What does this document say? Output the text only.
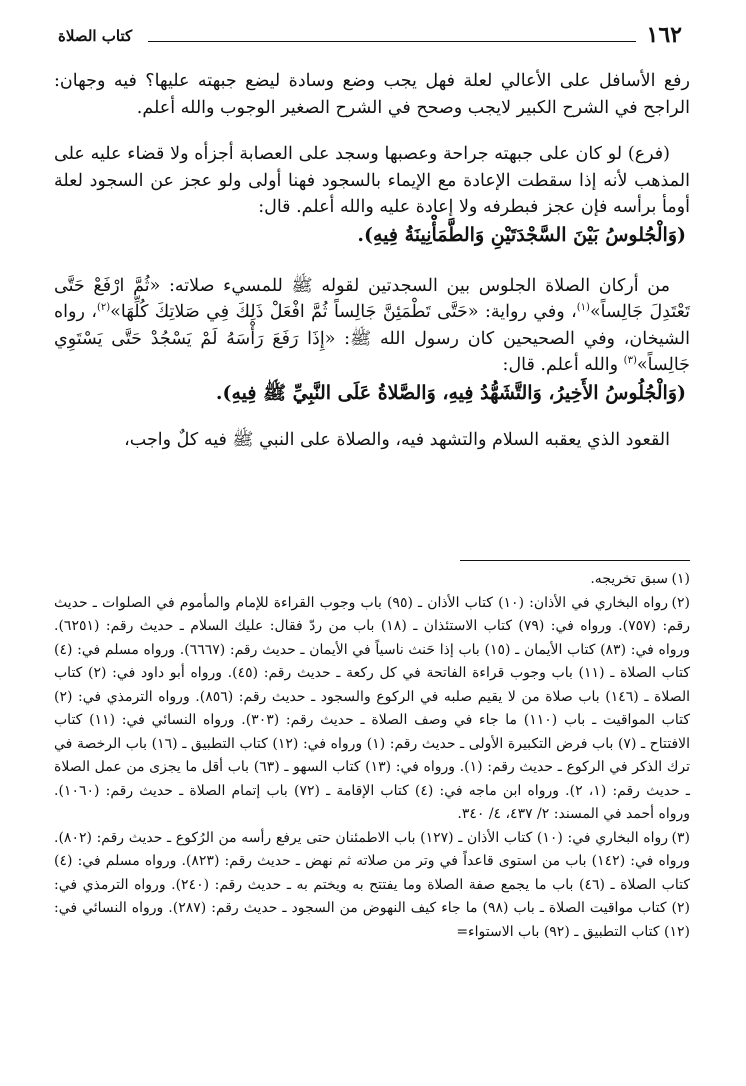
١٦٢
كتاب الصلاة

رفع الأسافل على الأعالي لعلة فهل يجب وضع وسادة ليضع جبهته عليها؟ فيه وجهان: الراجح في الشرح الكبير لايجب وصحح في الشرح الصغير الوجوب والله أعلم.

(فرع) لو كان على جبهته جراحة وعصبها وسجد على العصابة أجزأه ولا قضاء عليه على المذهب لأنه إذا سقطت الإعادة مع الإيماء بالسجود فهنا أولى ولو عجز عن السجود لعلة أومأ برأسه فإن عجز فبطرفه ولا إعادة عليه والله أعلم. قال:

(وَالْجُلوسُ بَيْنَ السَّجْدَتَيْنِ وَالطَّمَأْنِينَةُ فِيهِ).

من أركان الصلاة الجلوس بين السجدتين لقوله ﷺ للمسيء صلاته: «ثُمَّ ارْفَعْ حَتَّى تَعْتَدِلَ جَالِساً»$^{(١)}$، وفي رواية: «حَتَّى تَطْمَئِنَّ جَالِساً ثُمَّ افْعَلْ ذَلِكَ فِي صَلاتِكَ كُلِّهَا»$^{(٢)}$، رواه الشيخان، وفي الصحيحين كان رسول الله ﷺ: «إِذَا رَفَعَ رَأْسَهُ لَمْ يَسْجُدْ حَتَّى يَسْتَوِي جَالِساً»$^{(٣)}$ والله أعلم. قال:

(وَالْجُلُوسُ الأَخِيرُ، وَالتَّشَهُّدُ فِيهِ، وَالصَّلاةُ عَلَى النَّبِيِّ ﷺ فِيهِ).

القعود الذي يعقبه السلام والتشهد فيه، والصلاة على النبي ﷺ فيه كلٌ واجب،

(١)سبق تخريجه.

(٢)رواه البخاري في الأذان: (١٠) كتاب الأذان ـ (٩٥) باب وجوب القراءة للإمام والمأموم في الصلوات ـ حديث رقم: (٧٥٧). ورواه في: (٧٩) كتاب الاستئذان ـ (١٨) باب من ردّ فقال: عليك السلام ـ حديث رقم: (٦٢٥١). ورواه في: (٨٣) كتاب الأيمان ـ (١٥) باب إذا حَنث ناسياً في الأيمان ـ حديث رقم: (٦٦٦٧). ورواه مسلم في: (٤) كتاب الصلاة ـ (١١) باب وجوب قراءة الفاتحة في كل ركعة ـ حديث رقم: (٤٥). ورواه أبو داود في: (٢) كتاب الصلاة ـ (١٤٦) باب صلاة من لا يقيم صلبه في الركوع والسجود ـ حديث رقم: (٨٥٦). ورواه الترمذي في: (٢) كتاب المواقيت ـ باب (١١٠) ما جاء في وصف الصلاة ـ حديث رقم: (٣٠٣). ورواه النسائي في: (١١) كتاب الافتتاح ـ (٧) باب فرض التكبيرة الأولى ـ حديث رقم: (١) ورواه في: (١٢) كتاب التطبيق ـ (١٦) باب الرخصة في ترك الذكر في الركوع ـ حديث رقم: (١). ورواه في: (١٣) كتاب السهو ـ (٦٣) باب أقل ما يجزى من عمل الصلاة ـ حديث رقم: (١، ٢). ورواه ابن ماجه في: (٤) كتاب الإقامة ـ (٧٢) باب إتمام الصلاة ـ حديث رقم: (١٠٦٠). ورواه أحمد في المسند: ٢/ ٤٣٧، ٤/ ٣٤٠.

(٣)رواه البخاري في: (١٠) كتاب الأذان ـ (١٢٧) باب الاطمئنان حتى يرفع رأسه من الرُكوع ـ حديث رقم: (٨٠٢). ورواه في: (١٤٢) باب من استوى قاعداً في وتر من صلاته ثم نهض ـ حديث رقم: (٨٢٣). ورواه مسلم في: (٤) كتاب الصلاة ـ (٤٦) باب ما يجمع صفة الصلاة وما يفتتح به ويختم به ـ حديث رقم: (٢٤٠). ورواه الترمذي في: (٢) كتاب مواقيت الصلاة ـ باب (٩٨) ما جاء كيف النهوض من السجود ـ حديث رقم: (٢٨٧). ورواه النسائي في: (١٢) كتاب التطبيق ـ (٩٢) باب الاستواء=
